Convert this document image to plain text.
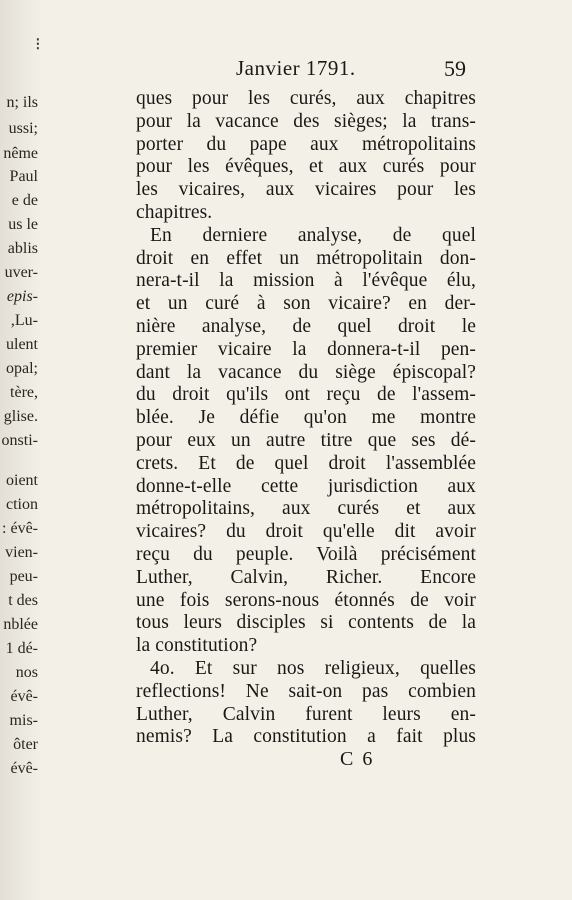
⁝
n; ils
ussi;
nême
Paul
e de
us le
ablis
uver-
epis-
,Lu-
ulent
opal;
tère,
glise.
onsti-
oient
ction
: évê-
vien-
peu-
t des
nblée
1 dé-
nos
évê-
mis-
ôter
évê-
Janvier 1791.	59
ques pour les curés, aux chapitres
pour la vacance des sièges; la trans-
porter du pape aux métropolitains
pour les évêques, et aux curés pour
les vicaires, aux vicaires pour les
chapitres.
En derniere analyse, de quel
droit en effet un métropolitain don-
nera-t-il la mission à l'évêque élu,
et un curé à son vicaire? en der-
nière analyse, de quel droit le
premier vicaire la donnera-t-il pen-
dant la vacance du siège épiscopal?
du droit qu'ils ont reçu de l'assem-
blée. Je défie qu'on me montre
pour eux un autre titre que ses dé-
crets. Et de quel droit l'assemblée
donne-t-elle cette jurisdiction aux
métropolitains, aux curés et aux
vicaires? du droit qu'elle dit avoir
reçu du peuple. Voilà précisément
Luther, Calvin, Richer. Encore
une fois serons-nous étonnés de voir
tous leurs disciples si contents de la
la constitution?
4o. Et sur nos religieux, quelles
reflections! Ne sait-on pas combien
Luther, Calvin furent leurs en-
nemis? La constitution a fait plus
C 6
